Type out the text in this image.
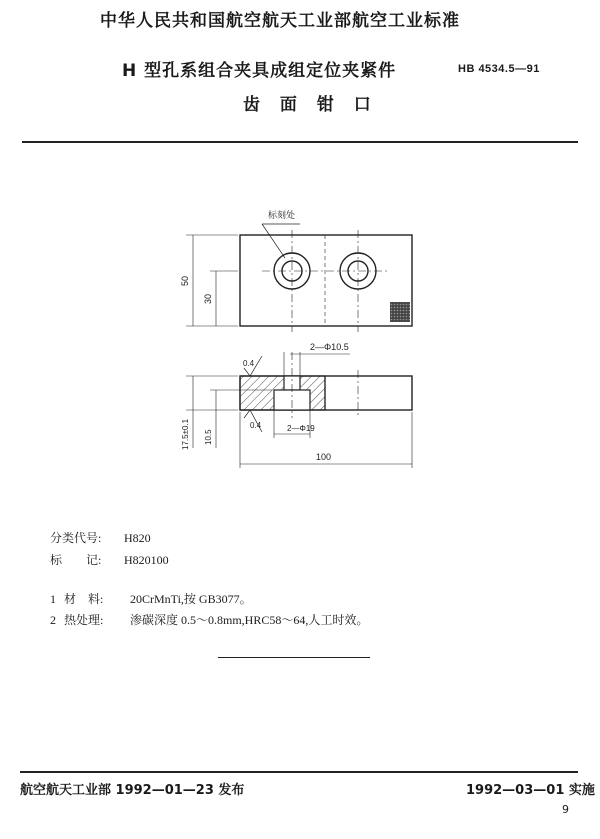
中华人民共和国航空航天工业部航空工业标准
H 型孔系组合夹具成组定位夹紧件	HB 4534.5—91
齿 面 钳 口
标刻处
50
30
2—Φ10.5
2—Φ19
0.4
0.4
17.5±0.1 10.5
100
分类代号: H820
标　　记: H820100
1 材　料: 20CrMnTi,按 GB3077。
2 热处理: 渗碳深度 0.5～0.8mm,HRC58～64,人工时效。
航空航天工业部 1992—01—23 发布	1992—03—01 实施
9
